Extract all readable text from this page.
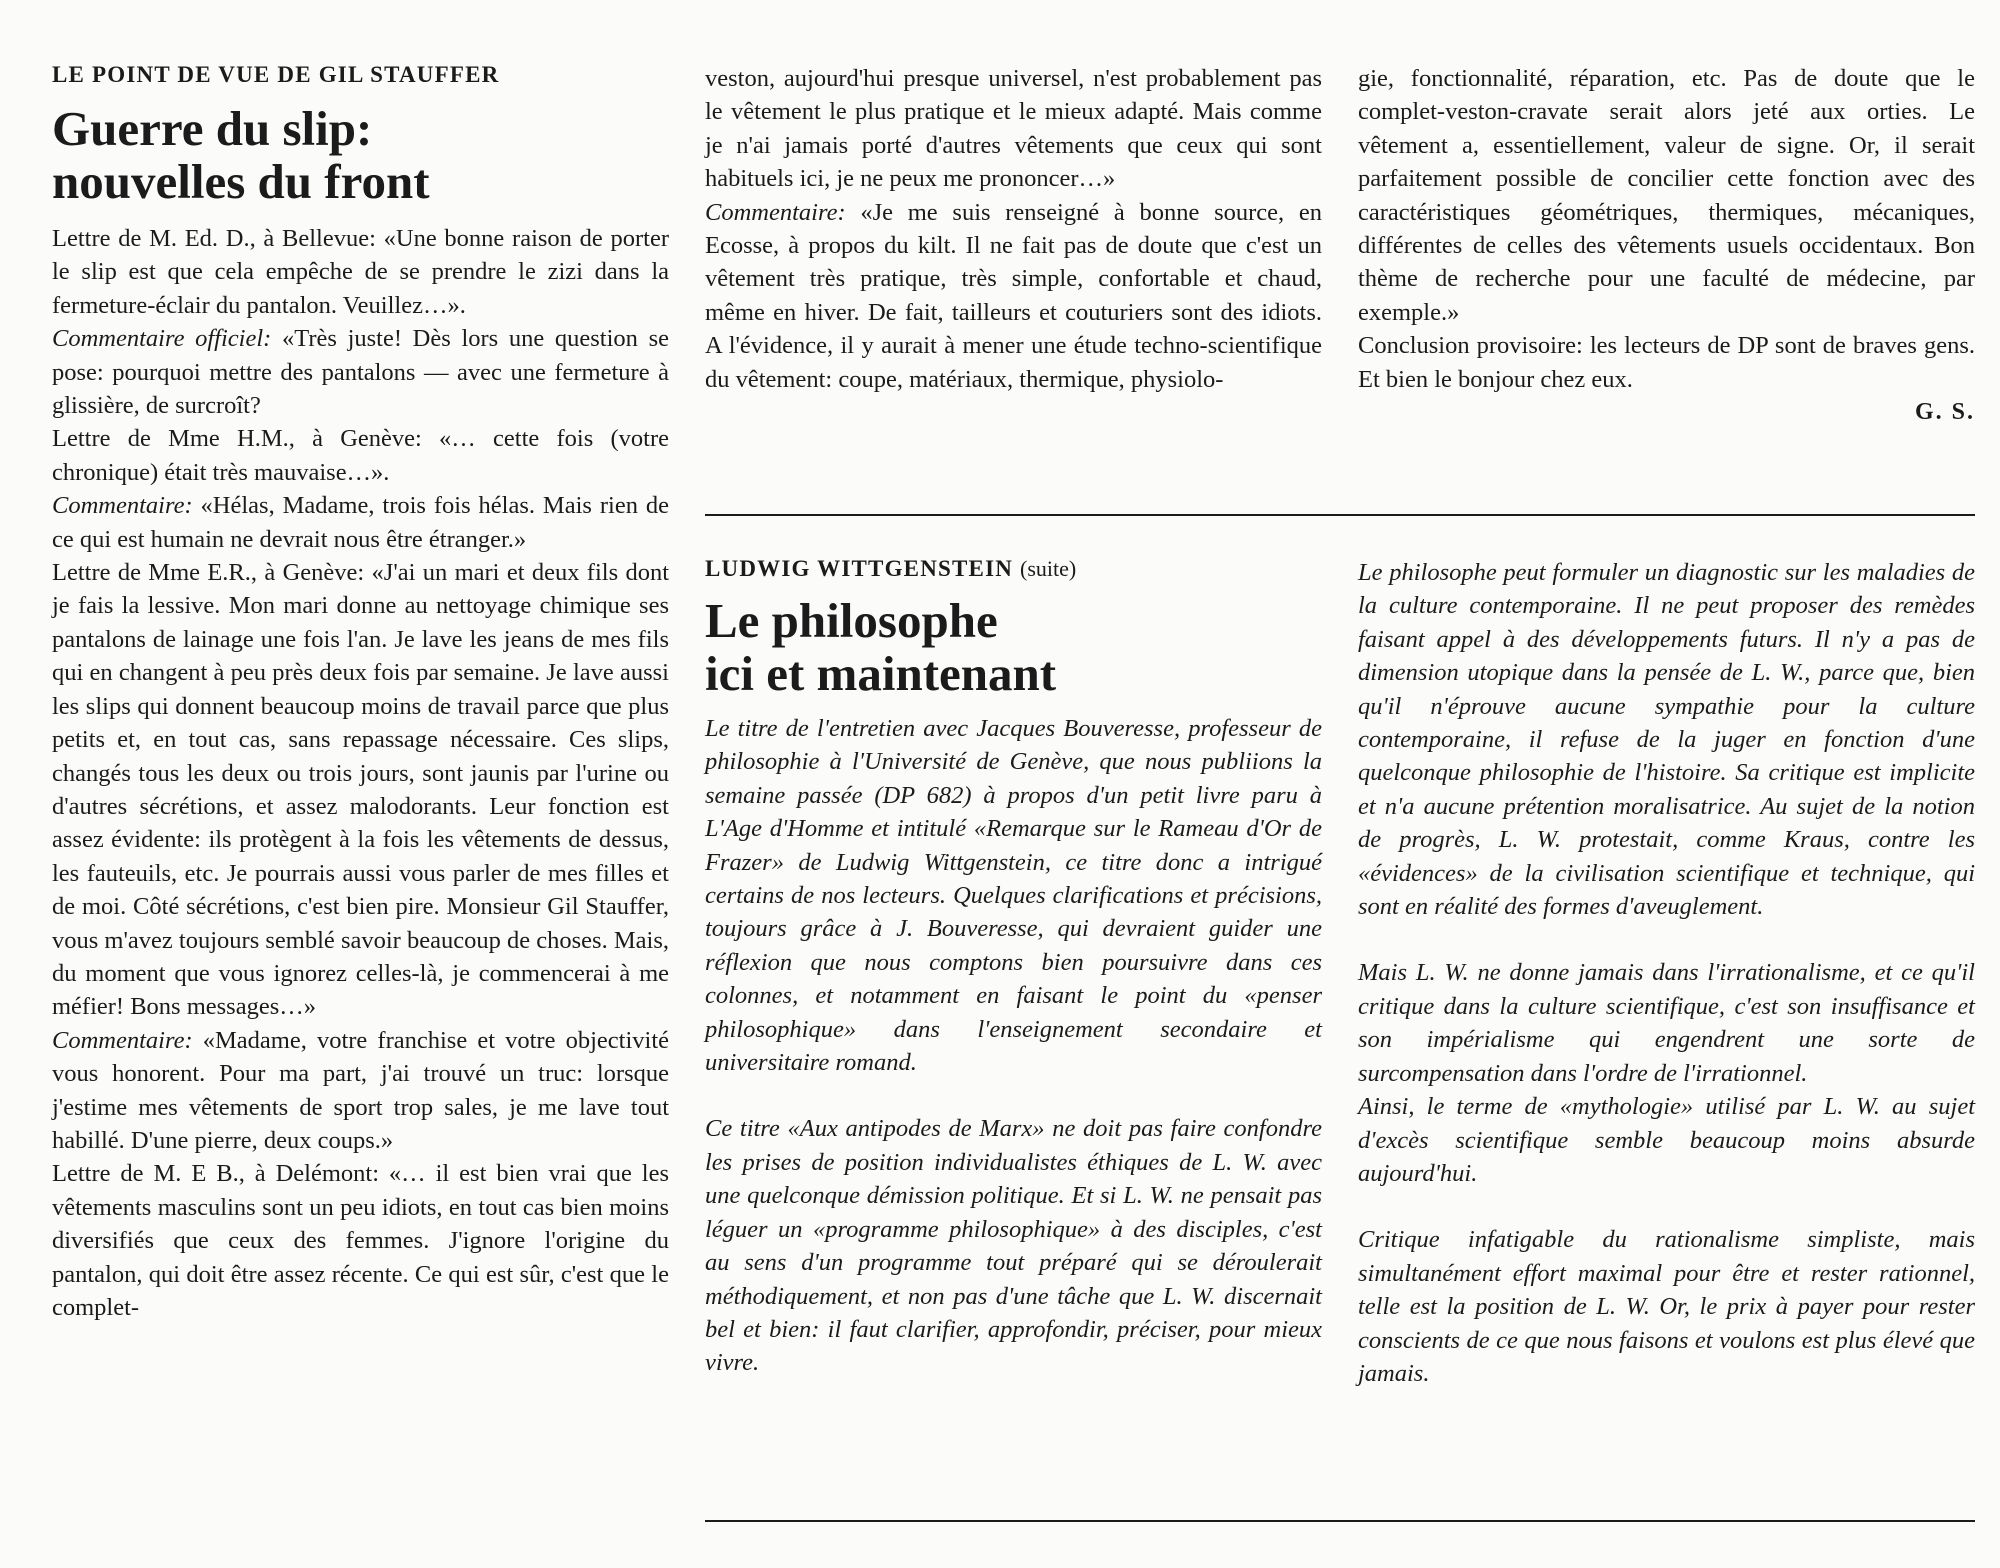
LE POINT DE VUE DE GIL STAUFFER

Guerre du slip:
nouvelles du front

Lettre de M. Ed. D., à Bellevue: «Une bonne raison de porter le slip est que cela empêche de se prendre le zizi dans la fermeture-éclair du pantalon. Veuillez…».

Commentaire officiel: «Très juste! Dès lors une question se pose: pourquoi mettre des pantalons — avec une fermeture à glissière, de surcroît?

Lettre de Mme H.M., à Genève: «… cette fois (votre chronique) était très mauvaise…».

Commentaire: «Hélas, Madame, trois fois hélas. Mais rien de ce qui est humain ne devrait nous être étranger.»

Lettre de Mme E.R., à Genève: «J'ai un mari et deux fils dont je fais la lessive. Mon mari donne au nettoyage chimique ses pantalons de lainage une fois l'an. Je lave les jeans de mes fils qui en changent à peu près deux fois par semaine. Je lave aussi les slips qui donnent beaucoup moins de travail parce que plus petits et, en tout cas, sans repassage nécessaire. Ces slips, changés tous les deux ou trois jours, sont jaunis par l'urine ou d'autres sécrétions, et assez malodorants. Leur fonction est assez évidente: ils protègent à la fois les vêtements de dessus, les fauteuils, etc. Je pourrais aussi vous parler de mes filles et de moi. Côté sécrétions, c'est bien pire. Monsieur Gil Stauffer, vous m'avez toujours semblé savoir beaucoup de choses. Mais, du moment que vous ignorez celles-là, je commencerai à me méfier! Bons messages…»

Commentaire: «Madame, votre franchise et votre objectivité vous honorent. Pour ma part, j'ai trouvé un truc: lorsque j'estime mes vêtements de sport trop sales, je me lave tout habillé. D'une pierre, deux coups.»

Lettre de M. E B., à Delémont: «… il est bien vrai que les vêtements masculins sont un peu idiots, en tout cas bien moins diversifiés que ceux des femmes. J'ignore l'origine du pantalon, qui doit être assez récente. Ce qui est sûr, c'est que le complet-

veston, aujourd'hui presque universel, n'est probablement pas le vêtement le plus pratique et le mieux adapté. Mais comme je n'ai jamais porté d'autres vêtements que ceux qui sont habituels ici, je ne peux me prononcer…»

Commentaire: «Je me suis renseigné à bonne source, en Ecosse, à propos du kilt. Il ne fait pas de doute que c'est un vêtement très pratique, très simple, confortable et chaud, même en hiver. De fait, tailleurs et couturiers sont des idiots. A l'évidence, il y aurait à mener une étude techno-scientifique du vêtement: coupe, matériaux, thermique, physiolo-

gie, fonctionnalité, réparation, etc. Pas de doute que le complet-veston-cravate serait alors jeté aux orties. Le vêtement a, essentiellement, valeur de signe. Or, il serait parfaitement possible de concilier cette fonction avec des caractéristiques géométriques, thermiques, mécaniques, différentes de celles des vêtements usuels occidentaux. Bon thème de recherche pour une faculté de médecine, par exemple.»

Conclusion provisoire: les lecteurs de DP sont de braves gens. Et bien le bonjour chez eux.

G. S.

LUDWIG WITTGENSTEIN (suite)

Le philosophe
ici et maintenant

Le titre de l'entretien avec Jacques Bouveresse, professeur de philosophie à l'Université de Genève, que nous publiions la semaine passée (DP 682) à propos d'un petit livre paru à L'Age d'Homme et intitulé «Remarque sur le Rameau d'Or de Frazer» de Ludwig Wittgenstein, ce titre donc a intrigué certains de nos lecteurs. Quelques clarifications et précisions, toujours grâce à J. Bouveresse, qui devraient guider une réflexion que nous comptons bien poursuivre dans ces colonnes, et notamment en faisant le point du «penser philosophique» dans l'enseignement secondaire et universitaire romand.

Ce titre «Aux antipodes de Marx» ne doit pas faire confondre les prises de position individualistes éthiques de L. W. avec une quelconque démission politique. Et si L. W. ne pensait pas léguer un «programme philosophique» à des disciples, c'est au sens d'un programme tout préparé qui se déroulerait méthodiquement, et non pas d'une tâche que L. W. discernait bel et bien: il faut clarifier, approfondir, préciser, pour mieux vivre.

Le philosophe peut formuler un diagnostic sur les maladies de la culture contemporaine. Il ne peut proposer des remèdes faisant appel à des développements futurs. Il n'y a pas de dimension utopique dans la pensée de L. W., parce que, bien qu'il n'éprouve aucune sympathie pour la culture contemporaine, il refuse de la juger en fonction d'une quelconque philosophie de l'histoire. Sa critique est implicite et n'a aucune prétention moralisatrice. Au sujet de la notion de progrès, L. W. protestait, comme Kraus, contre les «évidences» de la civilisation scientifique et technique, qui sont en réalité des formes d'aveuglement.

Mais L. W. ne donne jamais dans l'irrationalisme, et ce qu'il critique dans la culture scientifique, c'est son insuffisance et son impérialisme qui engendrent une sorte de surcompensation dans l'ordre de l'irrationnel.

Ainsi, le terme de «mythologie» utilisé par L. W. au sujet d'excès scientifique semble beaucoup moins absurde aujourd'hui.

Critique infatigable du rationalisme simpliste, mais simultanément effort maximal pour être et rester rationnel, telle est la position de L. W. Or, le prix à payer pour rester conscients de ce que nous faisons et voulons est plus élevé que jamais.
